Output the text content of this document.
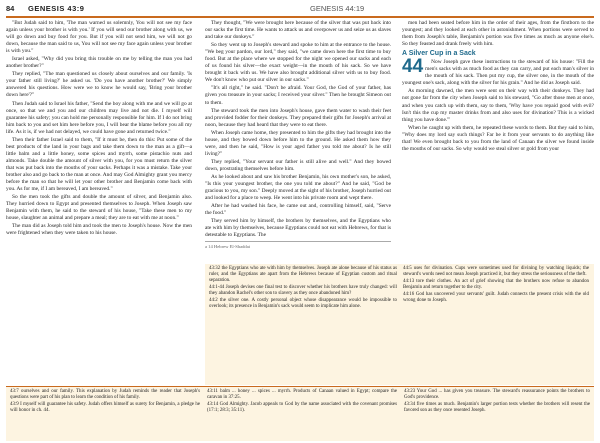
84 GENESIS 43:9	GENESIS 44:19

"But Judah said to him, 'The man warned us solemnly, You will not see my face again unless your brother is with you.' If you will send our brother along with us, we will go down and buy food for you. But if you will not send him, we will not go down, because the man said to us, You will not see my face again unless your brother is with you."

Israel asked, "Why did you bring this trouble on me by telling the man you had another brother?"

They replied, "The man questioned us closely about ourselves and our family. 'Is your father still living?' he asked us. 'Do you have another brother?' We simply answered his questions. How were we to know he would say, 'Bring your brother down here'?"

Then Judah said to Israel his father, "Send the boy along with me and we will go at once, so that we and you and our children may live and not die. I myself will guarantee his safety; you can hold me personally responsible for him. If I do not bring him back to you and set him here before you, I will bear the blame before you all my life. As it is, if we had not delayed, we could have gone and returned twice."

Then their father Israel said to them, "If it must be, then do this: Put some of the best products of the land in your bags and take them down to the man as a gift—a little balm and a little honey, some spices and myrrh, some pistachio nuts and almonds. Take double the amount of silver with you, for you must return the silver that was put back into the mouths of your sacks. Perhaps it was a mistake. Take your brother also and go back to the man at once. And may God Almighty grant you mercy before the man so that he will let your other brother and Benjamin come back with you. As for me, if I am bereaved, I am bereaved."

So the men took the gifts and double the amount of silver, and Benjamin also. They hurried down to Egypt and presented themselves to Joseph. When Joseph saw Benjamin with them, he said to the steward of his house, "Take these men to my house, slaughter an animal and prepare a meal; they are to eat with me at noon."

The man did as Joseph told him and took the men to Joseph's house. Now the men were frightened when they were taken to his house.

They thought, "We were brought here because of the silver that was put back into our sacks the first time. He wants to attack us and overpower us and seize us as slaves and take our donkeys."

So they went up to Joseph's steward and spoke to him at the entrance to the house. "We beg your pardon, our lord," they said, "we came down here the first time to buy food. But at the place where we stopped for the night we opened our sacks and each of us found his silver—the exact weight—in the mouth of his sack. So we have brought it back with us. We have also brought additional silver with us to buy food. We don't know who put our silver in our sacks."

"It's all right," he said. "Don't be afraid. Your God, the God of your father, has given you treasure in your sacks; I received your silver." Then he brought Simeon out to them.

The steward took the men into Joseph's house, gave them water to wash their feet and provided fodder for their donkeys. They prepared their gifts for Joseph's arrival at noon, because they had heard that they were to eat there.

When Joseph came home, they presented to him the gifts they had brought into the house, and they bowed down before him to the ground. He asked them how they were, and then he said, "How is your aged father you told me about? Is he still living?"

They replied, "Your servant our father is still alive and well." And they bowed down, prostrating themselves before him.

As he looked about and saw his brother Benjamin, his own mother's son, he asked, "Is this your youngest brother, the one you told me about?" And he said, "God be gracious to you, my son." Deeply moved at the sight of his brother, Joseph hurried out and looked for a place to weep. He went into his private room and wept there.

After he had washed his face, he came out and, controlling himself, said, "Serve the food."

They served him by himself, the brothers by themselves, and the Egyptians who ate with him by themselves, because Egyptians could not eat with Hebrews, for that is detestable to Egyptians. The

a 14 Hebrew El-Shaddai

men had been seated before him in the order of their ages, from the firstborn to the youngest; and they looked at each other in astonishment. When portions were served to them from Joseph's table, Benjamin's portion was five times as much as anyone else's. So they feasted and drank freely with him.

A Silver Cup in a Sack
44	Now Joseph gave these instructions to the steward of his house: "Fill the men's sacks with as much food as they can carry, and put each man's silver in the mouth of his sack. Then put my cup, the silver one, in the mouth of the youngest one's sack, along with the silver for his grain." And he did as Joseph said.

As morning dawned, the men were sent on their way with their donkeys. They had not gone far from the city when Joseph said to his steward, "Go after those men at once, and when you catch up with them, say to them, 'Why have you repaid good with evil? Isn't this the cup my master drinks from and also uses for divination? This is a wicked thing you have done.'"

When he caught up with them, he repeated these words to them. But they said to him, "Why does my lord say such things? Far be it from your servants to do anything like that! We even brought back to you from the land of Canaan the silver we found inside the mouths of our sacks. So why would we steal silver or gold from your

43:32 the Egyptians who ate with him by themselves. Joseph ate alone because of his status as ruler, and the Egyptians ate apart from the Hebrews because of Egyptian custom and ritual separation.

44:1-44 Joseph devises one final test to discover whether his brothers have truly changed: will they abandon Rachel's other son to slavery as they once abandoned him?

44:2 the silver one. A costly personal object whose disappearance would be impossible to overlook; its presence in Benjamin's sack would seem to implicate him alone.

44:5 uses for divination. Cups were sometimes used for divining by watching liquids; the steward's words need not mean Joseph practiced it, but they stress the seriousness of the theft.

44:13 tore their clothes. An act of grief showing that the brothers now refuse to abandon Benjamin and return together to the city.

44:16 God has uncovered your servants' guilt. Judah connects the present crisis with the old wrong done to Joseph.

43:7 ourselves and our family. This explanation by Judah reminds the reader that Joseph's questions were part of his plan to learn the condition of his family.

43:9 I myself will guarantee his safety. Judah offers himself as surety for Benjamin, a pledge he will honor in ch. 44.

43:11 balm ... honey ... spices ... myrrh. Products of Canaan valued in Egypt; compare the caravan in 37:25.

43:14 God Almighty. Jacob appeals to God by the name associated with the covenant promises (17:1; 28:3; 35:11).

43:23 Your God ... has given you treasure. The steward's reassurance points the brothers to God's providence.

43:34 five times as much. Benjamin's larger portion tests whether the brothers will resent the favored son as they once resented Joseph.
